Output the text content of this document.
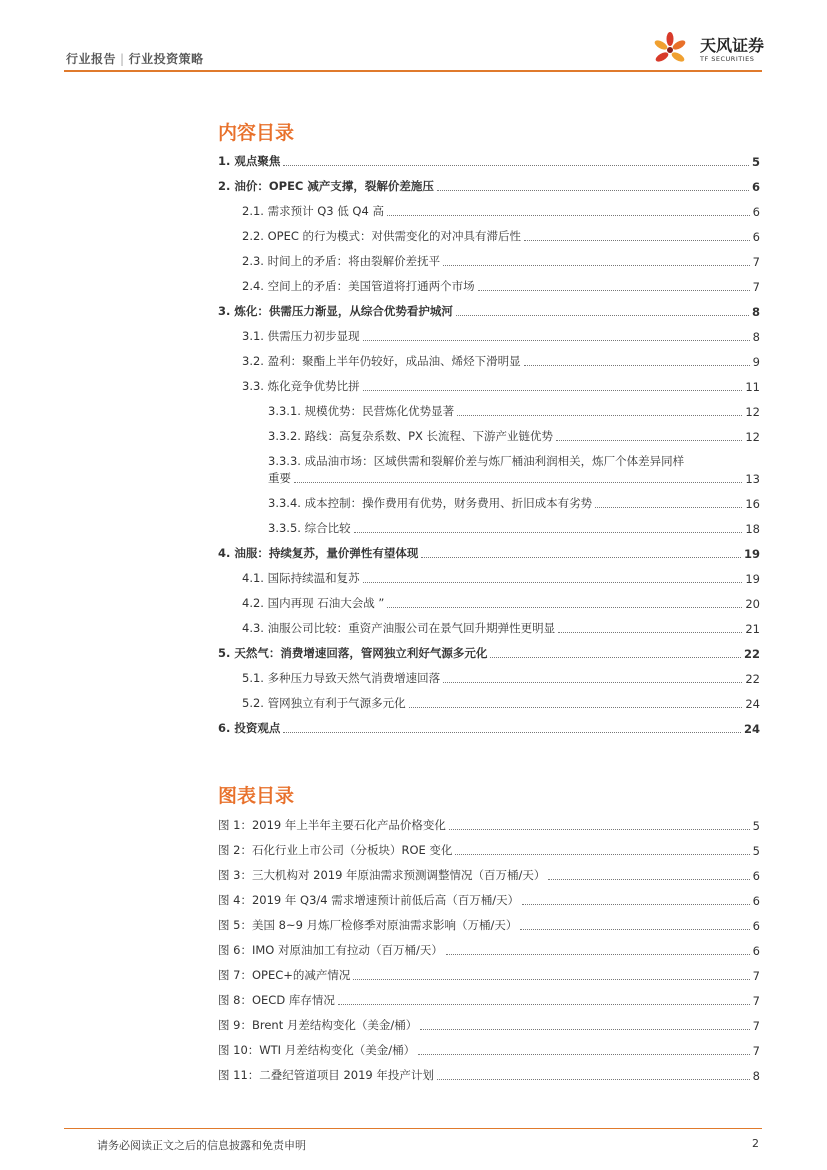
行业报告 | 行业投资策略
天风证券
TF SECURITIES
内容目录
1. 观点聚焦	5
2. 油价：OPEC 减产支撑，裂解价差施压	6
2.1. 需求预计 Q3 低 Q4 高	6
2.2. OPEC 的行为模式：对供需变化的对冲具有滞后性	6
2.3. 时间上的矛盾：将由裂解价差抚平	7
2.4. 空间上的矛盾：美国管道将打通两个市场	7
3. 炼化：供需压力渐显，从综合优势看护城河	8
3.1. 供需压力初步显现	8
3.2. 盈利：聚酯上半年仍较好，成品油、烯烃下滑明显	9
3.3. 炼化竞争优势比拼	11
3.3.1. 规模优势：民营炼化优势显著	12
3.3.2. 路线：高复杂系数、PX 长流程、下游产业链优势	12
3.3.3. 成品油市场：区域供需和裂解价差与炼厂桶油利润相关，炼厂个体差异同样
重要	13
3.3.4. 成本控制：操作费用有优势，财务费用、折旧成本有劣势	16
3.3.5. 综合比较	18
4. 油服：持续复苏，量价弹性有望体现	19
4.1. 国际持续温和复苏	19
4.2. 国内再现 石油大会战 ”	20
4.3. 油服公司比较：重资产油服公司在景气回升期弹性更明显	21
5. 天然气：消费增速回落，管网独立利好气源多元化	22
5.1. 多种压力导致天然气消费增速回落	22
5.2. 管网独立有利于气源多元化	24
6. 投资观点	24
图表目录
图 1：2019 年上半年主要石化产品价格变化	5
图 2：石化行业上市公司（分板块）ROE 变化	5
图 3：三大机构对 2019 年原油需求预测调整情况（百万桶/天）	6
图 4：2019 年 Q3/4 需求增速预计前低后高（百万桶/天）	6
图 5：美国 8~9 月炼厂检修季对原油需求影响（万桶/天）	6
图 6：IMO 对原油加工有拉动（百万桶/天）	6
图 7：OPEC+的减产情况	7
图 8：OECD 库存情况	7
图 9：Brent 月差结构变化（美金/桶）	7
图 10：WTI 月差结构变化（美金/桶）	7
图 11：二叠纪管道项目 2019 年投产计划	8
请务必阅读正文之后的信息披露和免责申明	2
